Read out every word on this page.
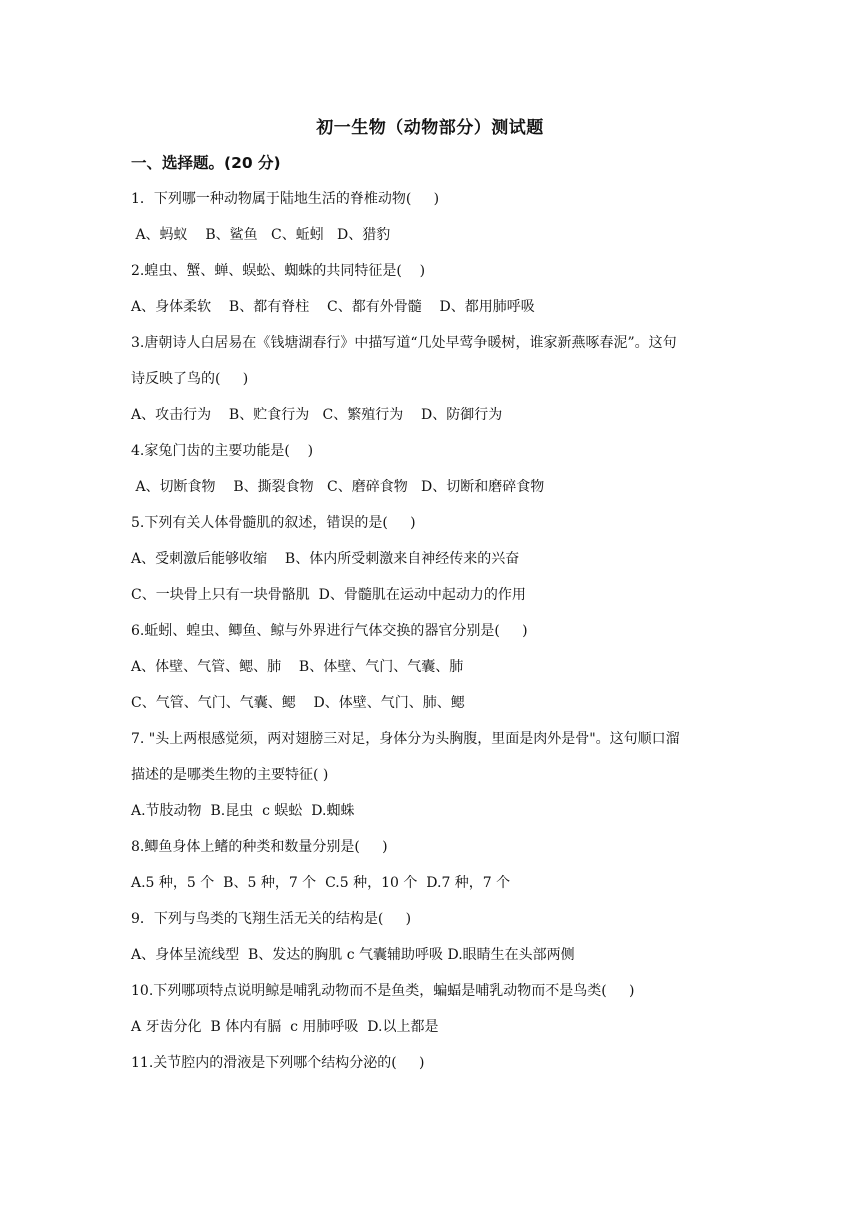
初一生物（动物部分）测试题
一、选择题。(20 分)
1．下列哪一种动物属于陆地生活的脊椎动物(     )
A、蚂蚁    B、鲨鱼   C、蚯蚓   D、猎豹
2.蝗虫、蟹、蝉、蜈蚣、蜘蛛的共同特征是(    )
A、身体柔软    B、都有脊柱    C、都有外骨髓    D、都用肺呼吸
3.唐朝诗人白居易在《钱塘湖春行》中描写道“几处早莺争暖树，谁家新燕啄春泥”。这句
诗反映了鸟的(     )
A、攻击行为    B、贮食行为   C、繁殖行为    D、防御行为
4.家兔门齿的主要功能是(    )
A、切断食物    B、撕裂食物   C、磨碎食物   D、切断和磨碎食物
5.下列有关人体骨髓肌的叙述，错误的是(     )
A、受刺激后能够收缩    B、体内所受刺激来自神经传来的兴奋
C、一块骨上只有一块骨骼肌  D、骨髓肌在运动中起动力的作用
6.蚯蚓、蝗虫、鲫鱼、鲸与外界进行气体交换的器官分别是(     )
A、体壁、气管、鳃、肺    B、体壁、气门、气囊、肺
C、气管、气门、气囊、鳃    D、体壁、气门、肺、鳃
7. "头上两根感觉须，两对翅膀三对足，身体分为头胸腹，里面是肉外是骨"。这句顺口溜
描述的是哪类生物的主要特征( )
A.节肢动物  B.昆虫  c 蜈蚣  D.蜘蛛
8.鲫鱼身体上鳍的种类和数量分别是(     )
A.5 种，5 个  B、5 种，7 个  C.5 种，10 个  D.7 种，7 个
9．下列与鸟类的飞翔生活无关的结构是(     )
A、身体呈流线型  B、发达的胸肌 c 气囊辅助呼吸 D.眼睛生在头部两侧
10.下列哪项特点说明鲸是哺乳动物而不是鱼类，蝙蝠是哺乳动物而不是鸟类(     )
A 牙齿分化  B 体内有膈  c 用肺呼吸  D.以上都是
11.关节腔内的滑液是下列哪个结构分泌的(     )
